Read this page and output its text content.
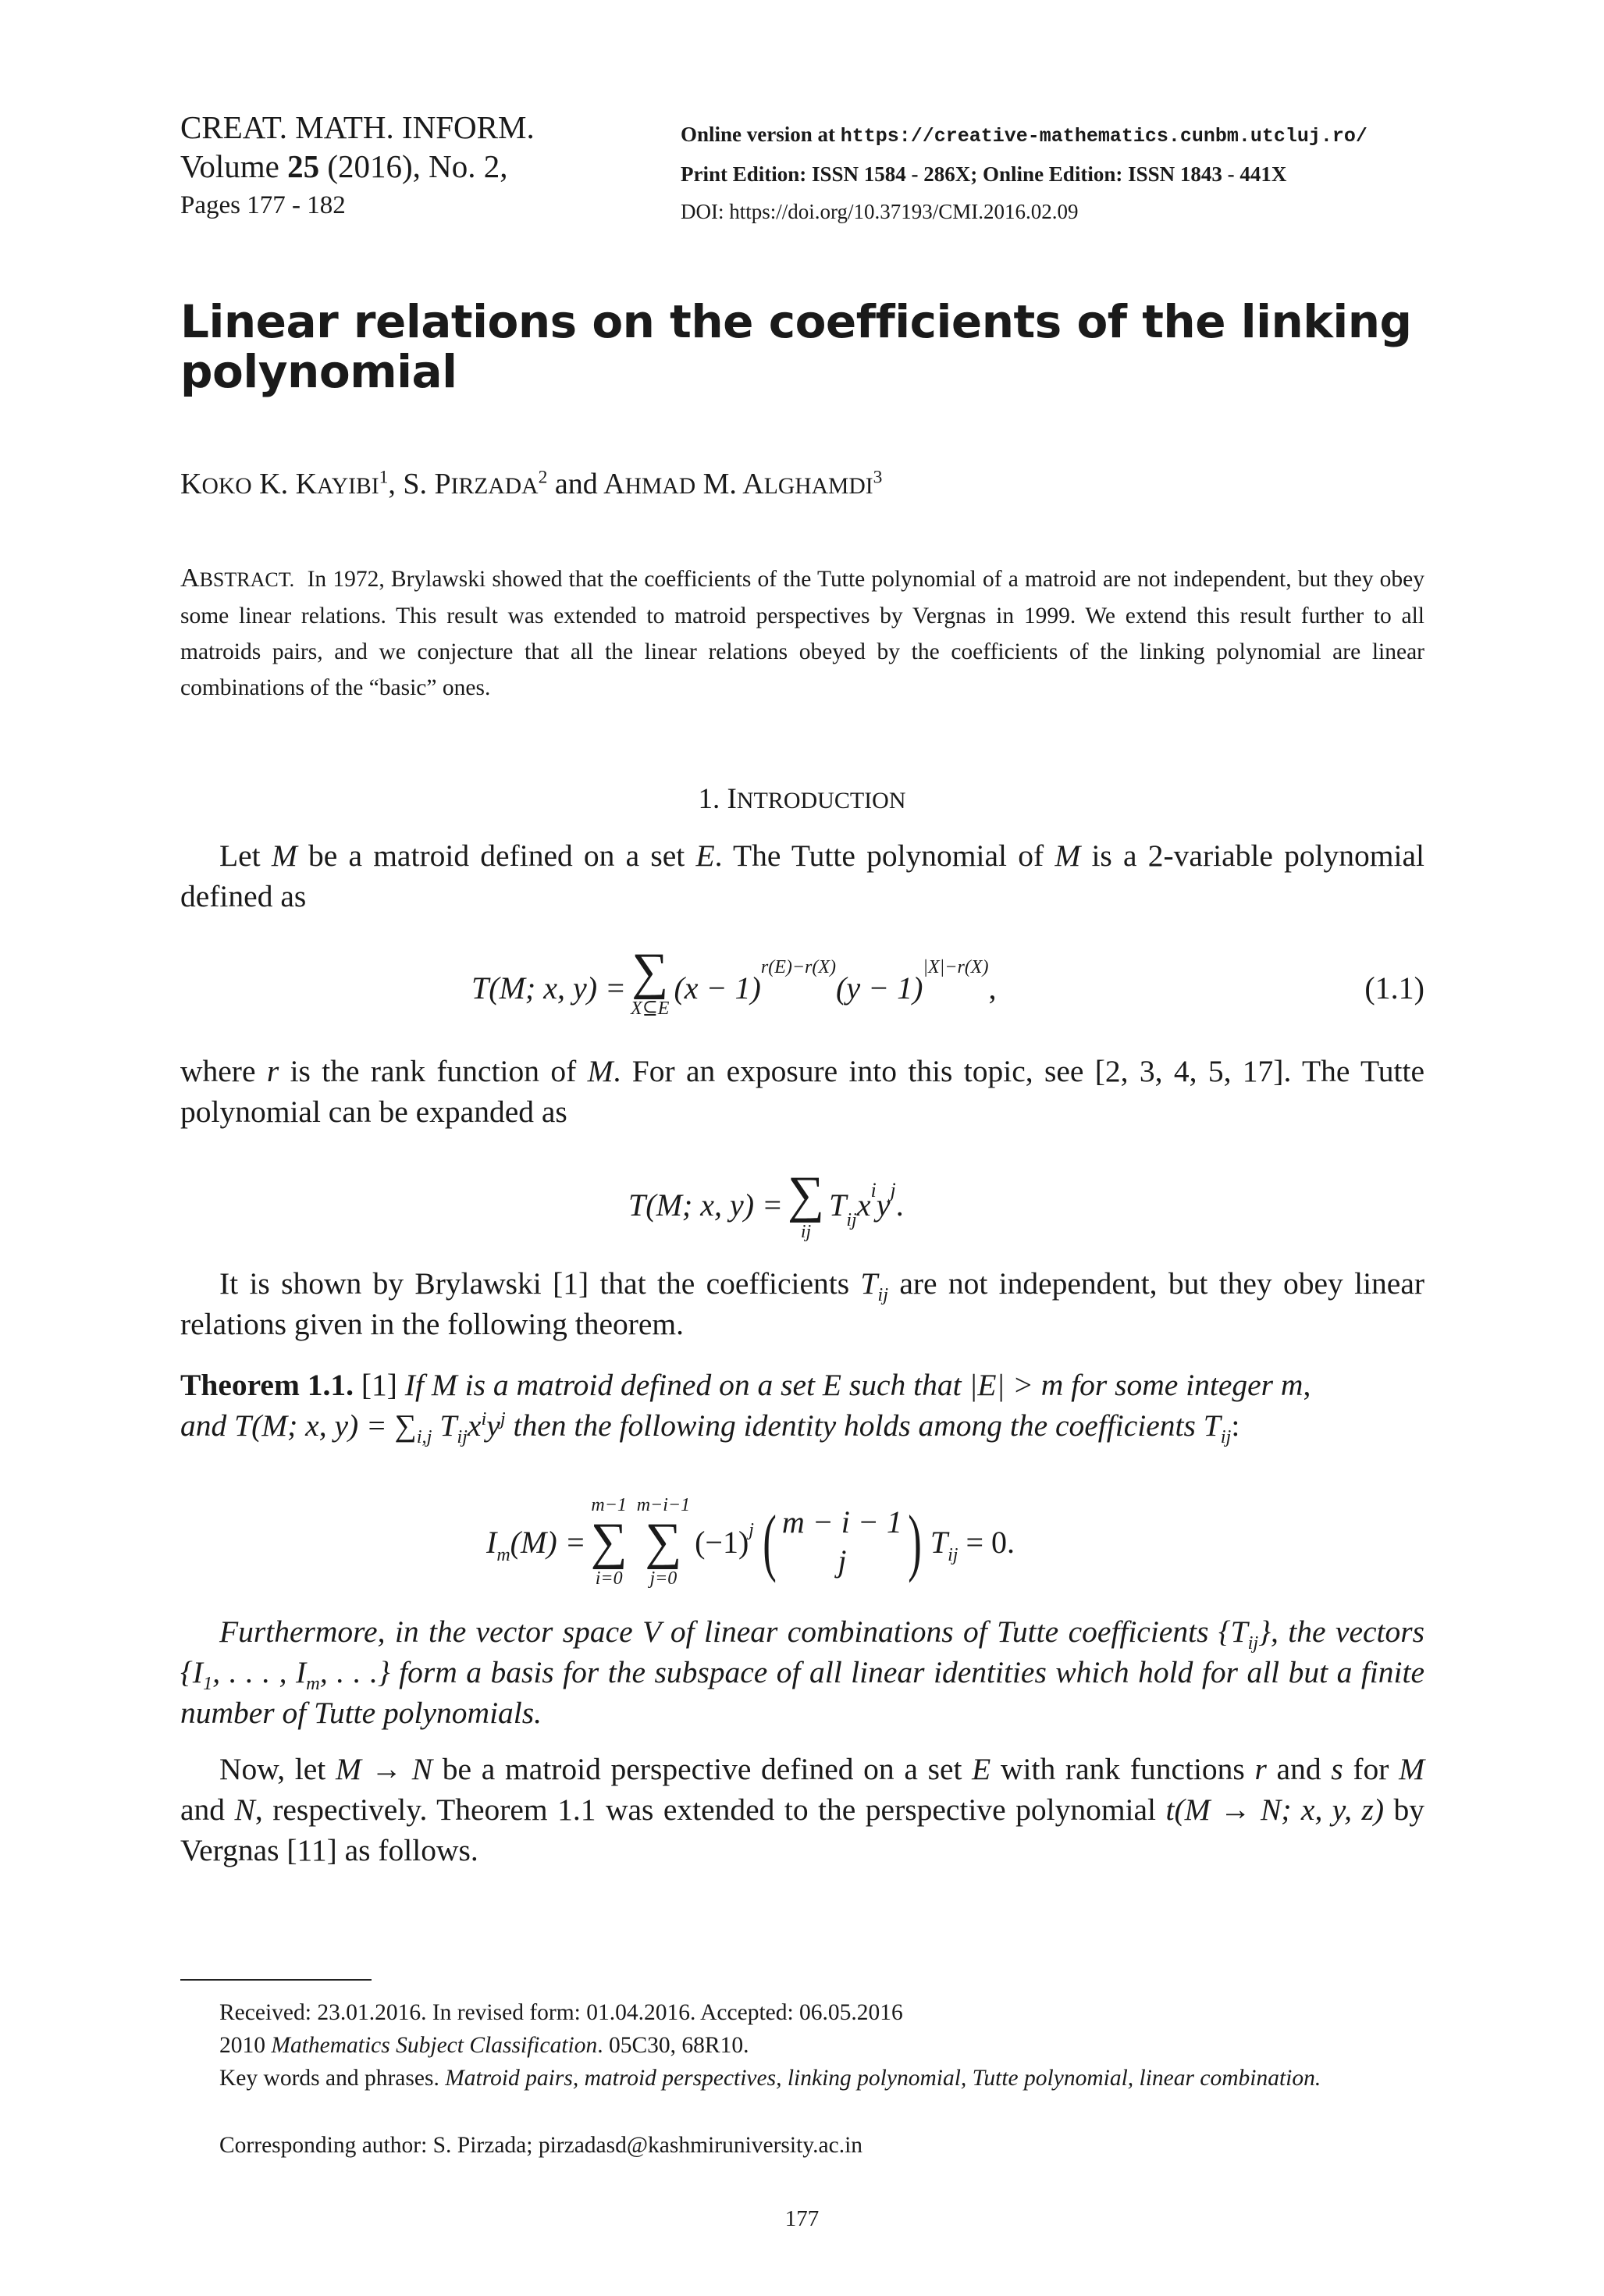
CREAT. MATH. INFORM.
Volume 25 (2016), No. 2,
Pages 177 - 182
Online version at https://creative-mathematics.cunbm.utcluj.ro/
Print Edition: ISSN 1584 - 286X; Online Edition: ISSN 1843 - 441X
DOI: https://doi.org/10.37193/CMI.2016.02.09
Linear relations on the coefficients of the linking polynomial
KOKO K. KAYIBI$^1$, S. PIRZADA$^2$ and AHMAD M. ALGHAMDI$^3$
ABSTRACT. In 1972, Brylawski showed that the coefficients of the Tutte polynomial of a matroid are not independent, but they obey some linear relations. This result was extended to matroid perspectives by Vergnas in 1999. We extend this result further to all matroids pairs, and we conjecture that all the linear relations obeyed by the coefficients of the linking polynomial are linear combinations of the “basic” ones.
1. INTRODUCTION
Let M be a matroid defined on a set E. The Tutte polynomial of M is a 2-variable polynomial defined as
T(M; x, y) = ∑
X⊆E
(x − 1)
r(E)−r(X)
(y − 1)
|X|−r(X)
,	(1.1)
where r is the rank function of M. For an exposure into this topic, see [2, 3, 4, 5, 17]. The Tutte polynomial can be expanded as
T(M; x, y) = ∑
ij
T ij x i y j .
It is shown by Brylawski [1] that the coefficients $T_{ij}$ are not independent, but they obey linear relations given in the following theorem.
Theorem 1.1. [1] If M is a matroid defined on a set E such that |E| > m for some integer m,
and T(M; x, $y) = \sum_{i,j}$ $T_{ij}x^iy^j$ then the following identity holds among the coefficients $T_{ij}$:
I m (M) =
m−1
∑
i=0
m−i−1
∑
j=0
(−1) j ( m − i − 1
j ) T ij = 0.
Furthermore, in the vector space V of linear combinations of Tutte coefficients $\{T_{ij}\}$, the vectors {$I_1$, . . . , $I_m$, . . .} form a basis for the subspace of all linear identities which hold for all but a finite number of Tutte polynomials.
Now, let M → N be a matroid perspective defined on a set E with rank functions r and s for M and N, respectively. Theorem 1.1 was extended to the perspective polynomial t(M → N; x, y, z) by Vergnas [11] as follows.
Received: 23.01.2016. In revised form: 01.04.2016. Accepted: 06.05.2016
2010 Mathematics Subject Classification. 05C30, 68R10.
Key words and phrases. Matroid pairs, matroid perspectives, linking polynomial, Tutte polynomial, linear combination.
Corresponding author: S. Pirzada; pirzadasd@kashmiruniversity.ac.in
177
